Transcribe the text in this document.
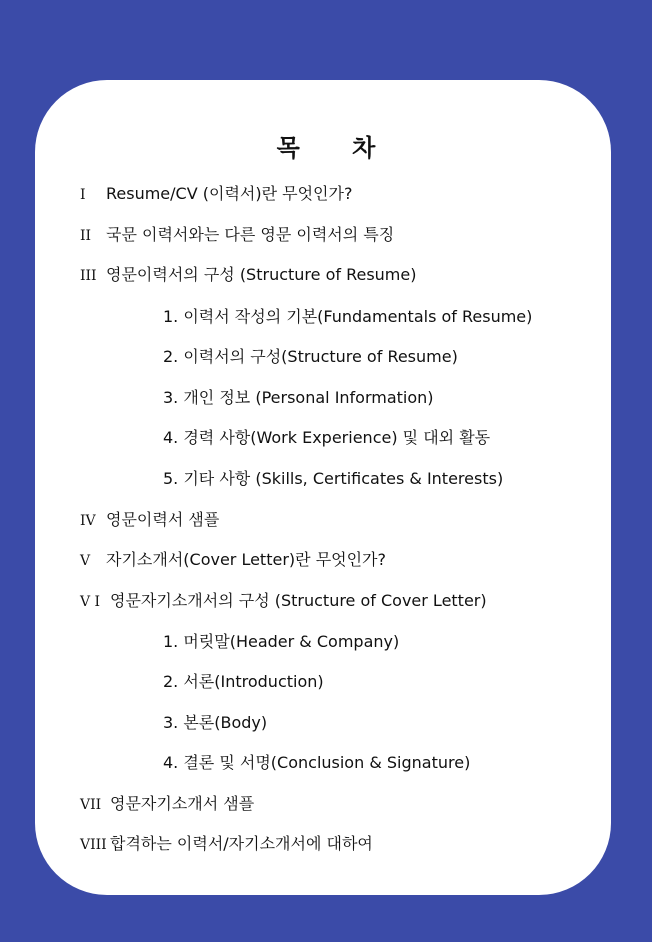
목 차
I Resume/CV (이력서)란 무엇인가?
II 국문 이력서와는 다른 영문 이력서의 특징
III 영문이력서의 구성 (Structure of Resume)
1. 이력서 작성의 기본(Fundamentals of Resume)
2. 이력서의 구성(Structure of Resume)
3. 개인 정보 (Personal Information)
4. 경력 사항(Work Experience) 및 대외 활동
5. 기타 사항 (Skills, Certificates & Interests)
IV 영문이력서 샘플
V 자기소개서(Cover Letter)란 무엇인가?
V I 영문자기소개서의 구성 (Structure of Cover Letter)
1. 머릿말(Header & Company)
2. 서론(Introduction)
3. 본론(Body)
4. 결론 및 서명(Conclusion & Signature)
VII 영문자기소개서 샘플
VIII 합격하는 이력서/자기소개서에 대하여
